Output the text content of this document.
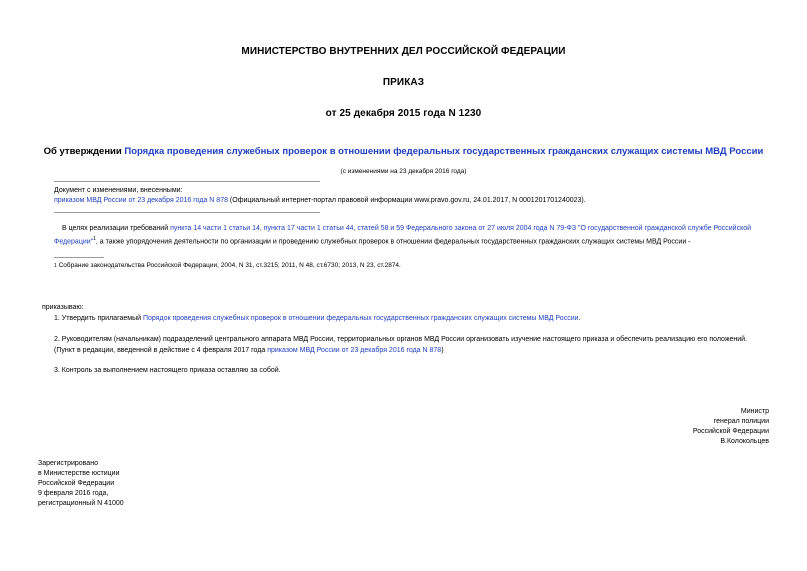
МИНИСТЕРСТВО ВНУТРЕННИХ ДЕЛ РОССИЙСКОЙ ФЕДЕРАЦИИ
ПРИКАЗ
от 25 декабря 2015 года N 1230
Об утверждении Порядка проведения служебных проверок в отношении федеральных государственных гражданских служащих системы МВД России
(с изменениями на 23 декабря 2016 года)
Документ с изменениями, внесенными:
приказом МВД России от 23 декабря 2016 года N 878 (Официальный интернет-портал правовой информации www.pravo.gov.ru, 24.01.2017, N 0001201701240023).
В целях реализации требований пункта 14 части 1 статьи 14, пункта 17 части 1 статьи 44, статей 58 и 59 Федерального закона от 27 июля 2004 года N 79-ФЗ "О государственной гражданской службе Российской Федерации"$^1$, а также упорядочения деятельности по организации и проведению служебных проверок в отношении федеральных государственных гражданских служащих системы МВД России -
1 Собрание законодательства Российской Федерации, 2004, N 31, ст.3215; 2011, N 48, ст.6730; 2013, N 23, ст.2874.
приказываю:
1. Утвердить прилагаемый Порядок проведения служебных проверок в отношении федеральных государственных гражданских служащих системы МВД России.
2. Руководителям (начальникам) подразделений центрального аппарата МВД России, территориальных органов МВД России организовать изучение настоящего приказа и обеспечить реализацию его положений.
(Пункт в редакции, введенной в действие с 4 февраля 2017 года приказом МВД России от 23 декабря 2016 года N 878)
3. Контроль за выполнением настоящего приказа оставляю за собой.
Министр
генерал полиции
Российской Федерации
В.Колокольцев
Зарегистрировано
в Министерстве юстиции
Российской Федерации
9 февраля 2016 года,
регистрационный N 41000
